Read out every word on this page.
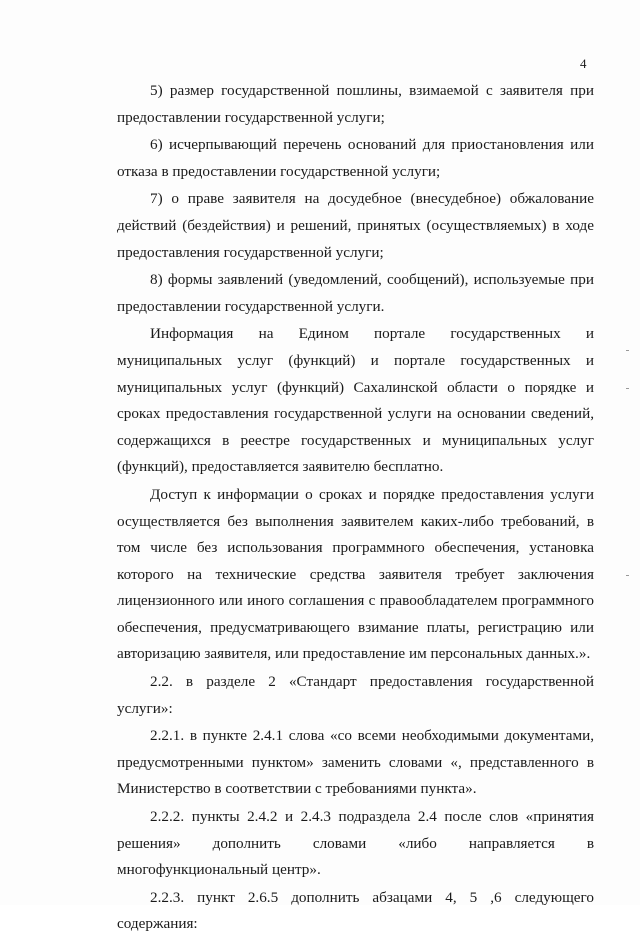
4

5) размер государственной пошлины, взимаемой с заявителя при предоставлении государственной услуги;

6) исчерпывающий перечень оснований для приостановления или отказа в предоставлении государственной услуги;

7) о праве заявителя на досудебное (внесудебное) обжалование действий (бездействия) и решений, принятых (осуществляемых) в ходе предоставления государственной услуги;

8) формы заявлений (уведомлений, сообщений), используемые при предоставлении государственной услуги.

Информация на Едином портале государственных и муниципальных услуг (функций) и портале государственных и муниципальных услуг (функций) Сахалинской области о порядке и сроках предоставления государственной услуги на основании сведений, содержащихся в реестре государственных и муниципальных услуг (функций), предоставляется заявителю бесплатно.

Доступ к информации о сроках и порядке предоставления услуги осуществляется без выполнения заявителем каких-либо требований, в том числе без использования программного обеспечения, установка которого на технические средства заявителя требует заключения лицензионного или иного соглашения с правообладателем программного обеспечения, предусматривающего взимание платы, регистрацию или авторизацию заявителя, или предоставление им персональных данных.».

2.2. в разделе 2 «Стандарт предоставления государственной услуги»:

2.2.1. в пункте 2.4.1 слова «со всеми необходимыми документами, предусмотренными пунктом» заменить словами «, представленного в Министерство в соответствии с требованиями пункта».

2.2.2. пункты 2.4.2 и 2.4.3 подраздела 2.4 после слов «принятия решения» дополнить словами «либо направляется в многофункциональный центр».

2.2.3. пункт 2.6.5 дополнить абзацами 4, 5 ,6 следующего содержания:
